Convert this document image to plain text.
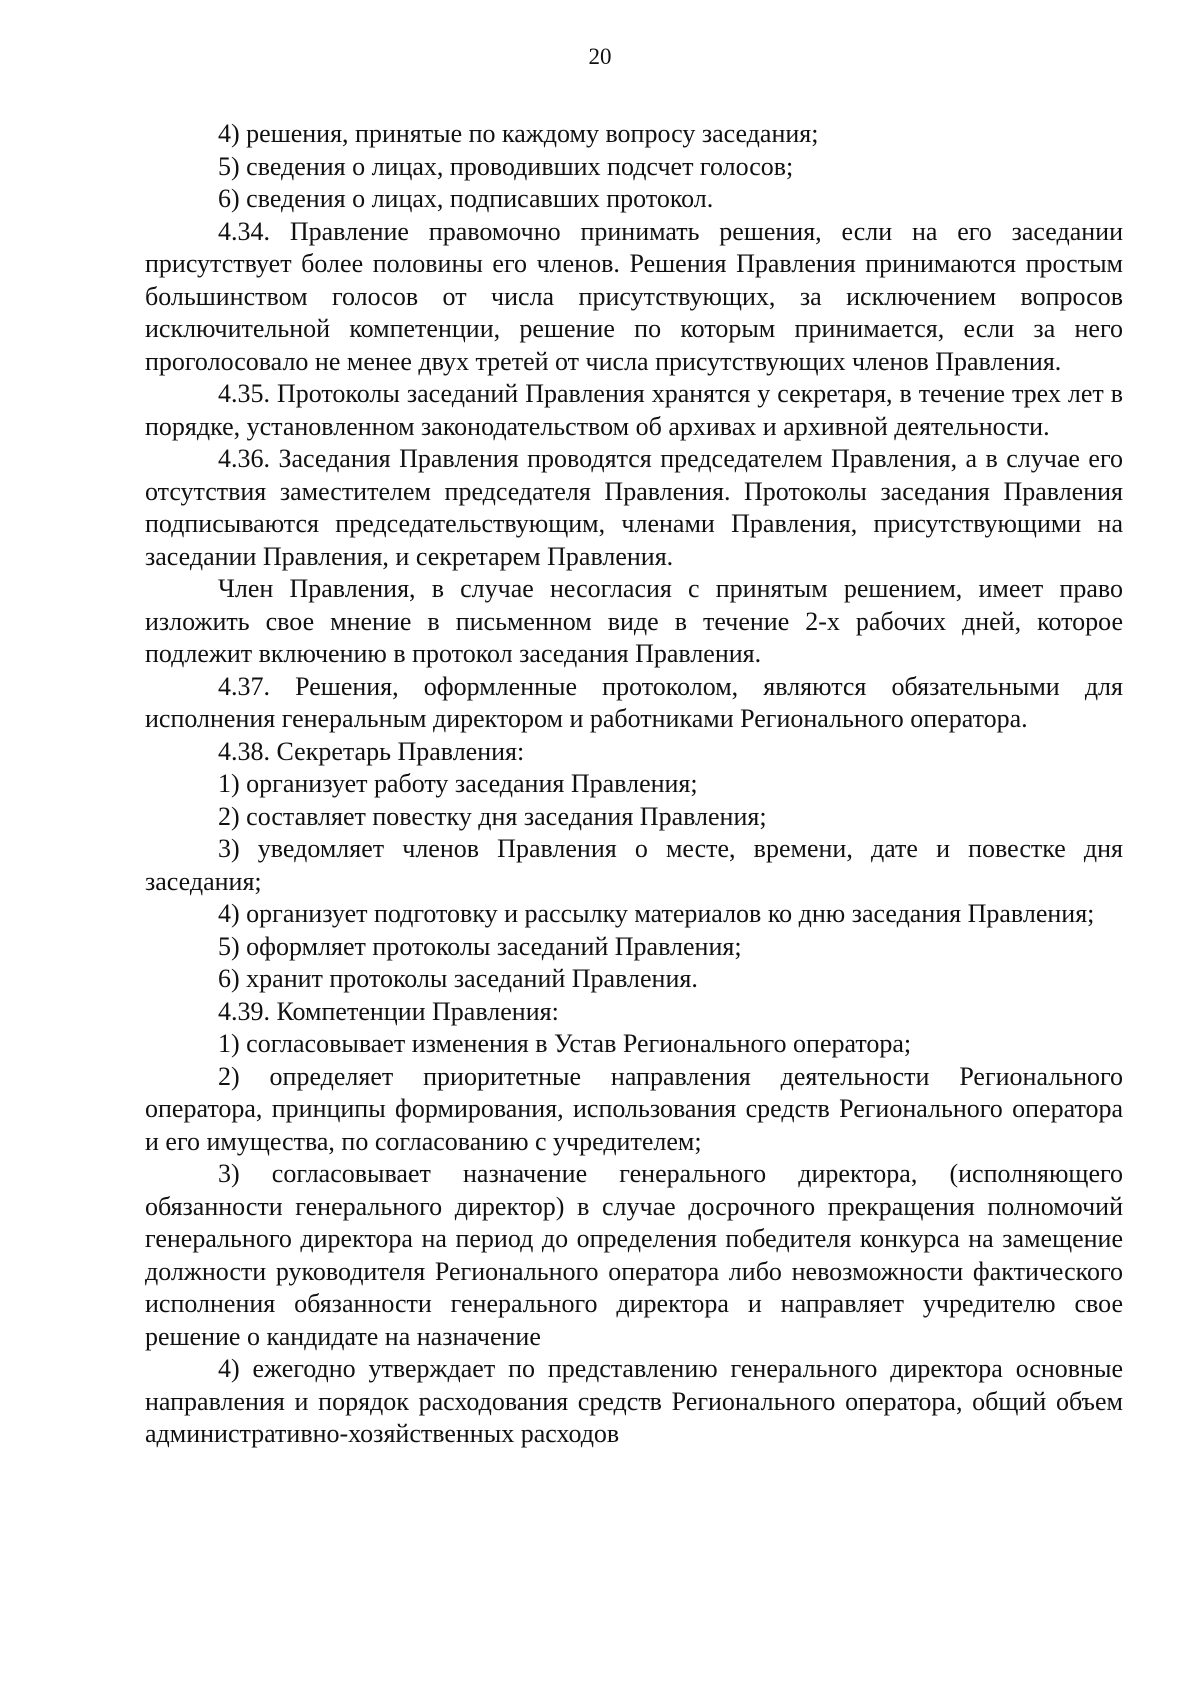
20

4) решения, принятые по каждому вопросу заседания;

5) сведения о лицах, проводивших подсчет голосов;

6) сведения о лицах, подписавших протокол.

4.34. Правление правомочно принимать решения, если на его заседании присутствует более половины его членов. Решения Правления принимаются простым большинством голосов от числа присутствующих, за исключением вопросов исключительной компетенции, решение по которым принимается, если за него проголосовало не менее двух третей от числа присутствующих членов Правления.

4.35. Протоколы заседаний Правления хранятся у секретаря, в течение трех лет в порядке, установленном законодательством об архивах и архивной деятельности.

4.36. Заседания Правления проводятся председателем Правления, а в случае его отсутствия заместителем председателя Правления. Протоколы заседания Правления подписываются председательствующим, членами Правления, присутствующими на заседании Правления, и секретарем Правления.

Член Правления, в случае несогласия с принятым решением, имеет право изложить свое мнение в письменном виде в течение 2-х рабочих дней, которое подлежит включению в протокол заседания Правления.

4.37. Решения, оформленные протоколом, являются обязательными для исполнения генеральным директором и работниками Регионального оператора.

4.38. Секретарь Правления:

1) организует работу заседания Правления;

2) составляет повестку дня заседания Правления;

3) уведомляет членов Правления о месте, времени, дате и повестке дня заседания;

4) организует подготовку и рассылку материалов ко дню заседания Правления;

5) оформляет протоколы заседаний Правления;

6) хранит протоколы заседаний Правления.

4.39. Компетенции Правления:

1) согласовывает изменения в Устав Регионального оператора;

2) определяет приоритетные направления деятельности Регионального оператора, принципы формирования, использования средств Регионального оператора и его имущества, по согласованию с учредителем;

3) согласовывает назначение генерального директора, (исполняющего обязанности генерального директор) в случае досрочного прекращения полномочий генерального директора на период до определения победителя конкурса на замещение должности руководителя Регионального оператора либо невозможности фактического исполнения обязанности генерального директора и направляет учредителю свое решение о кандидате на назначение

4) ежегодно утверждает по представлению генерального директора основные направления и порядок расходования средств Регионального оператора, общий объем административно-хозяйственных расходов
